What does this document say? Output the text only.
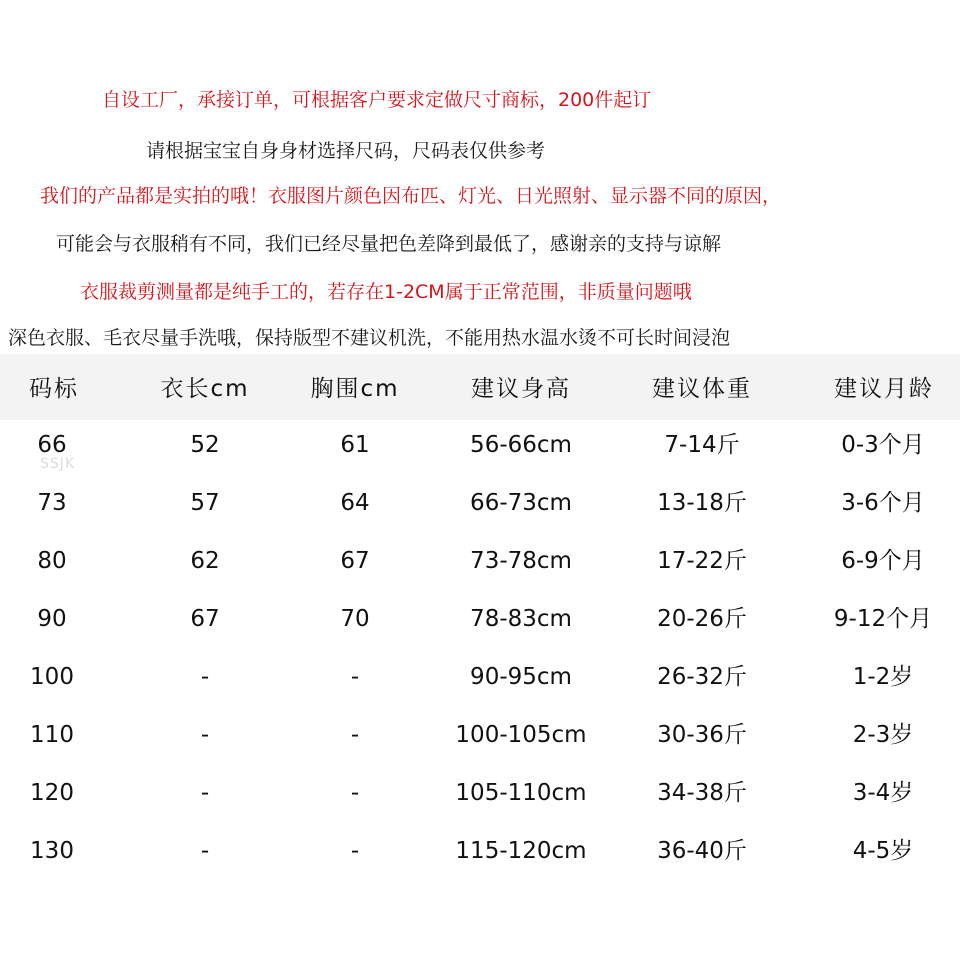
自设工厂，承接订单，可根据客户要求定做尺寸商标，200件起订
请根据宝宝自身身材选择尺码，尺码表仅供参考
我们的产品都是实拍的哦！衣服图片颜色因布匹、灯光、日光照射、显示器不同的原因，
可能会与衣服稍有不同，我们已经尽量把色差降到最低了，感谢亲的支持与谅解
衣服裁剪测量都是纯手工的，若存在1-2CM属于正常范围，非质量问题哦
深色衣服、毛衣尽量手洗哦，保持版型不建议机洗，不能用热水温水烫不可长时间浸泡
码标	衣长cm	胸围cm	建议身高	建议体重	建议月龄
SSJK
66	52	61	56-66cm	7-14斤	0-3个月
73	57	64	66-73cm	13-18斤	3-6个月
80	62	67	73-78cm	17-22斤	6-9个月
90	67	70	78-83cm	20-26斤	9-12个月
100	-	-	90-95cm	26-32斤	1-2岁
110	-	-	100-105cm	30-36斤	2-3岁
120	-	-	105-110cm	34-38斤	3-4岁
130	-	-	115-120cm	36-40斤	4-5岁
